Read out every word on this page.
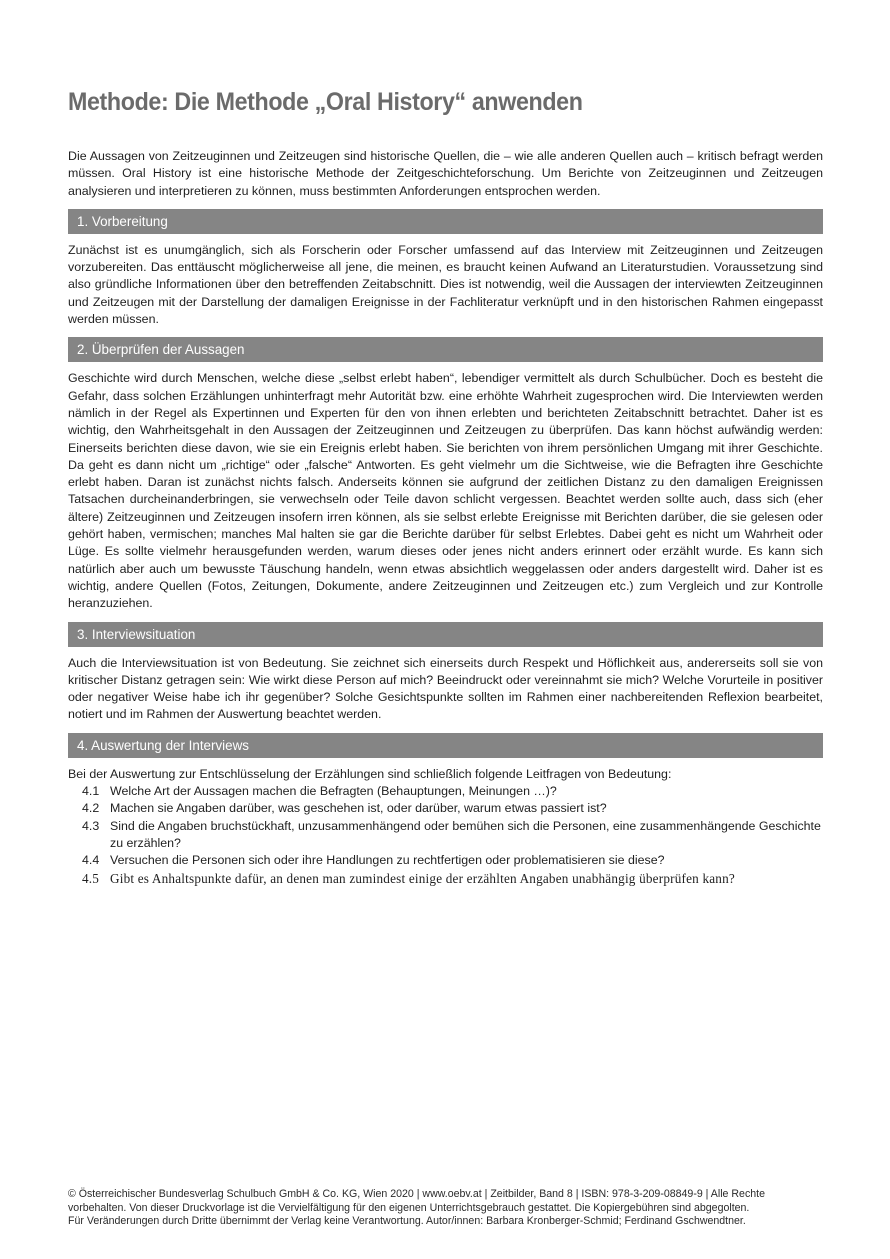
Methode: Die Methode „Oral History“ anwenden

Die Aussagen von Zeitzeuginnen und Zeitzeugen sind historische Quellen, die – wie alle anderen Quellen auch – kritisch befragt werden müssen. Oral History ist eine historische Methode der Zeitgeschichteforschung. Um Berichte von Zeitzeuginnen und Zeitzeugen analysieren und interpretieren zu können, muss bestimmten Anforderungen entsprochen werden.

1. Vorbereitung

Zunächst ist es unumgänglich, sich als Forscherin oder Forscher umfassend auf das Interview mit Zeitzeuginnen und Zeitzeugen vorzubereiten. Das enttäuscht möglicherweise all jene, die meinen, es braucht keinen Aufwand an Literaturstudien. Voraussetzung sind also gründliche Informationen über den betreffenden Zeitabschnitt. Dies ist notwendig, weil die Aussagen der interviewten Zeitzeuginnen und Zeitzeugen mit der Darstellung der damaligen Ereignisse in der Fachliteratur verknüpft und in den historischen Rahmen eingepasst werden müssen.

2. Überprüfen der Aussagen

Geschichte wird durch Menschen, welche diese „selbst erlebt haben“, lebendiger vermittelt als durch Schulbücher. Doch es besteht die Gefahr, dass solchen Erzählungen unhinterfragt mehr Autorität bzw. eine erhöhte Wahrheit zugesprochen wird. Die Interviewten werden nämlich in der Regel als Expertinnen und Experten für den von ihnen erlebten und berichteten Zeitabschnitt betrachtet. Daher ist es wichtig, den Wahrheitsgehalt in den Aussagen der Zeitzeuginnen und Zeitzeugen zu überprüfen. Das kann höchst aufwändig werden: Einerseits berichten diese davon, wie sie ein Ereignis erlebt haben. Sie berichten von ihrem persönlichen Umgang mit ihrer Geschichte. Da geht es dann nicht um „richtige“ oder „falsche“ Antworten. Es geht vielmehr um die Sichtweise, wie die Befragten ihre Geschichte erlebt haben. Daran ist zunächst nichts falsch. Anderseits können sie aufgrund der zeitlichen Distanz zu den damaligen Ereignissen Tatsachen durcheinanderbringen, sie verwechseln oder Teile davon schlicht vergessen. Beachtet werden sollte auch, dass sich (eher ältere) Zeitzeuginnen und Zeitzeugen insofern irren können, als sie selbst erlebte Ereignisse mit Berichten darüber, die sie gelesen oder gehört haben, vermischen; manches Mal halten sie gar die Berichte darüber für selbst Erlebtes. Dabei geht es nicht um Wahrheit oder Lüge. Es sollte vielmehr herausgefunden werden, warum dieses oder jenes nicht anders erinnert oder erzählt wurde. Es kann sich natürlich aber auch um bewusste Täuschung handeln, wenn etwas absichtlich weggelassen oder anders dargestellt wird. Daher ist es wichtig, andere Quellen (Fotos, Zeitungen, Dokumente, andere Zeitzeuginnen und Zeitzeugen etc.) zum Vergleich und zur Kontrolle heranzuziehen.

3. Interviewsituation

Auch die Interviewsituation ist von Bedeutung. Sie zeichnet sich einerseits durch Respekt und Höflichkeit aus, andererseits soll sie von kritischer Distanz getragen sein: Wie wirkt diese Person auf mich? Beeindruckt oder vereinnahmt sie mich? Welche Vorurteile in positiver oder negativer Weise habe ich ihr gegenüber? Solche Gesichtspunkte sollten im Rahmen einer nachbereitenden Reflexion bearbeitet, notiert und im Rahmen der Auswertung beachtet werden.

4. Auswertung der Interviews

Bei der Auswertung zur Entschlüsselung der Erzählungen sind schließlich folgende Leitfragen von Bedeutung:

4.1 Welche Art der Aussagen machen die Befragten (Behauptungen, Meinungen …)?
4.2 Machen sie Angaben darüber, was geschehen ist, oder darüber, warum etwas passiert ist?
4.3 Sind die Angaben bruchstückhaft, unzusammenhängend oder bemühen sich die Personen, eine zusammenhängende Geschichte zu erzählen?
4.4 Versuchen die Personen sich oder ihre Handlungen zu rechtfertigen oder problematisieren sie diese?
4.5 Gibt es Anhaltspunkte dafür, an denen man zumindest einige der erzählten Angaben unabhängig überprüfen kann?
© Österreichischer Bundesverlag Schulbuch GmbH & Co. KG, Wien 2020 | www.oebv.at | Zeitbilder, Band 8 | ISBN: 978-3-209-08849-9 | Alle Rechte
vorbehalten. Von dieser Druckvorlage ist die Vervielfältigung für den eigenen Unterrichtsgebrauch gestattet. Die Kopiergebühren sind abgegolten.
Für Veränderungen durch Dritte übernimmt der Verlag keine Verantwortung. Autor/innen: Barbara Kronberger-Schmid; Ferdinand Gschwendtner.
